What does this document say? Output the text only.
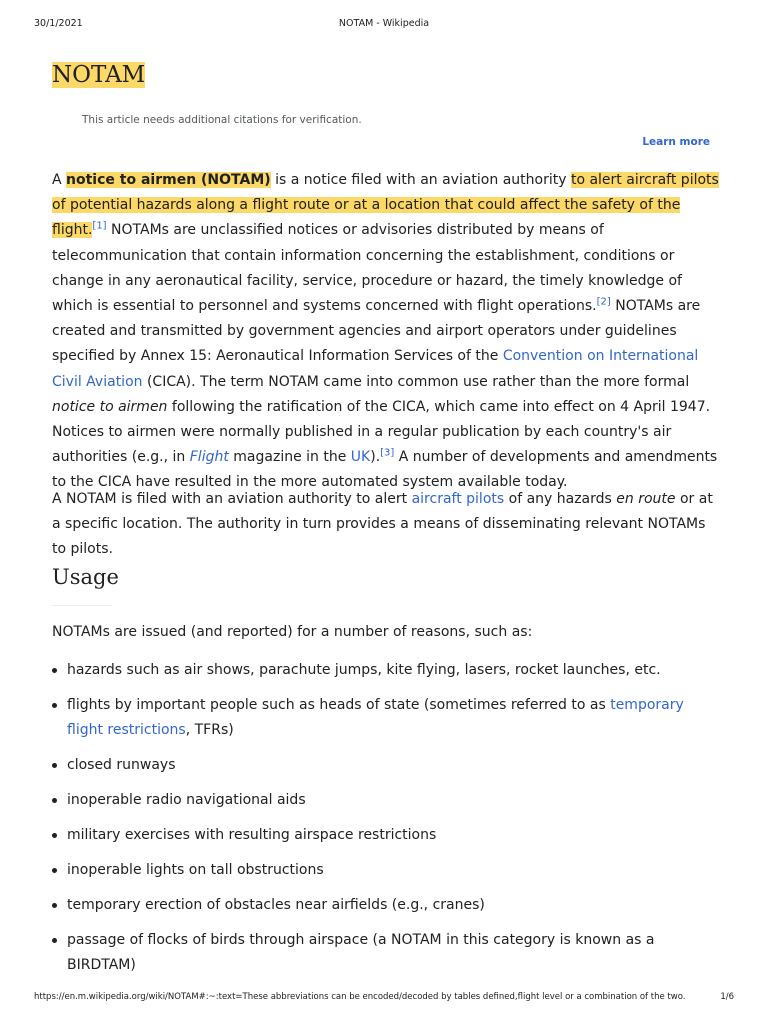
30/1/2021	NOTAM - Wikipedia
NOTAM
This article needs additional citations for verification.
Learn more

A notice to airmen (NOTAM) is a notice filed with an aviation authority to alert aircraft pilots of potential hazards along a flight route or at a location that could affect the safety of the flight.[1] NOTAMs are unclassified notices or advisories distributed by means of telecommunication that contain information concerning the establishment, conditions or change in any aeronautical facility, service, procedure or hazard, the timely knowledge of which is essential to personnel and systems concerned with flight operations.[2] NOTAMs are created and transmitted by government agencies and airport operators under guidelines specified by Annex 15: Aeronautical Information Services of the Convention on International Civil Aviation (CICA). The term NOTAM came into common use rather than the more formal notice to airmen following the ratification of the CICA, which came into effect on 4 April 1947. Notices to airmen were normally published in a regular publication by each country's air authorities (e.g., in Flight magazine in the UK).[3] A number of developments and amendments to the CICA have resulted in the more automated system available today.

A NOTAM is filed with an aviation authority to alert aircraft pilots of any hazards en route or at a specific location. The authority in turn provides a means of disseminating relevant NOTAMs to pilots.

Usage

NOTAMs are issued (and reported) for a number of reasons, such as:

hazards such as air shows, parachute jumps, kite flying, lasers, rocket launches, etc.
flights by important people such as heads of state (sometimes referred to as temporary flight restrictions, TFRs)
closed runways
inoperable radio navigational aids
military exercises with resulting airspace restrictions
inoperable lights on tall obstructions
temporary erection of obstacles near airfields (e.g., cranes)
passage of flocks of birds through airspace (a NOTAM in this category is known as a BIRDTAM)
https://en.m.wikipedia.org/wiki/NOTAM#:~:text=These abbreviations can be encoded/decoded by tables defined,flight level or a combination of the two.	1/6
